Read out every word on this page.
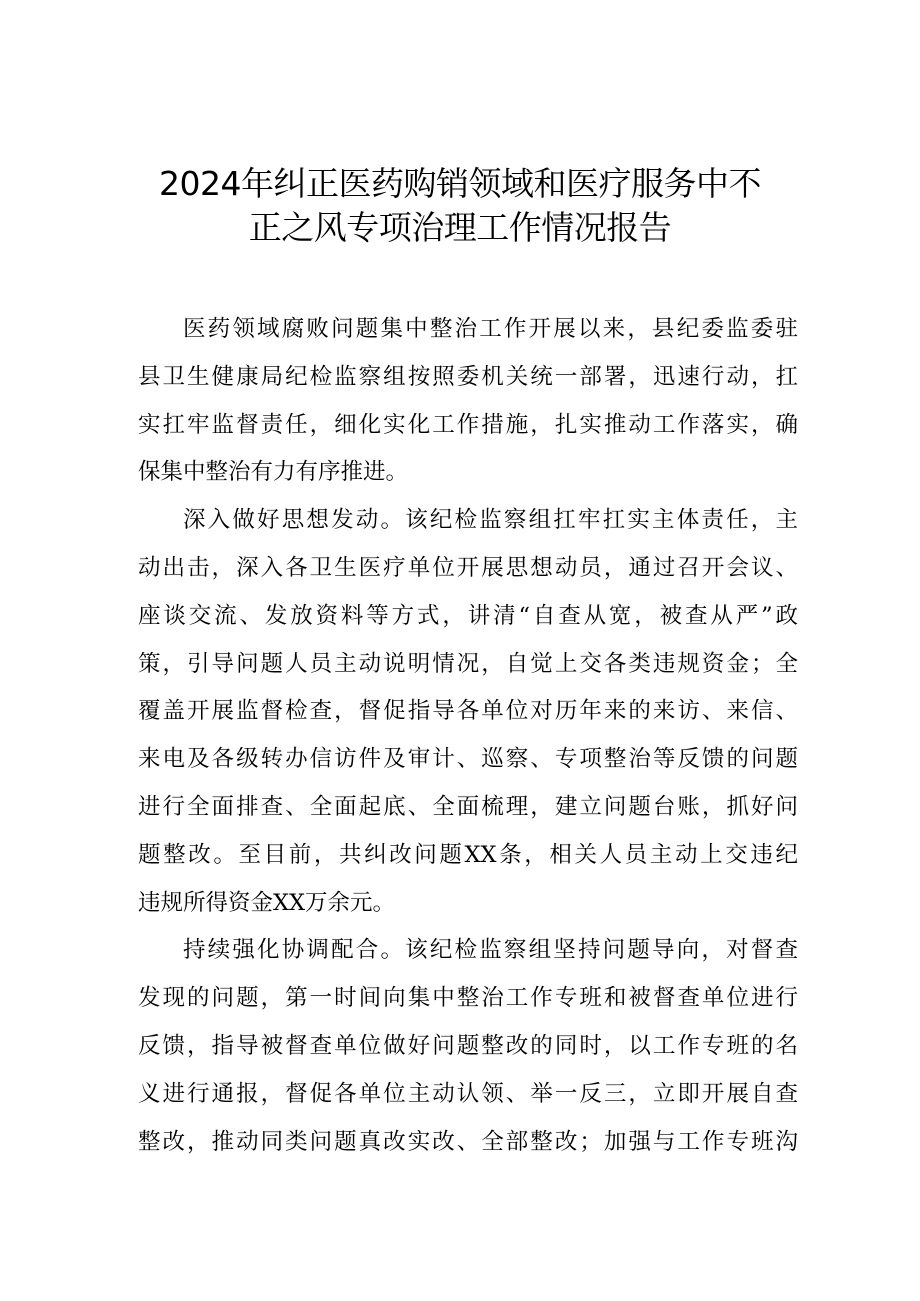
2024年纠正医药购销领域和医疗服务中不
正之风专项治理工作情况报告
医药领域腐败问题集中整治工作开展以来，县纪委监委驻
县卫生健康局纪检监察组按照委机关统一部署，迅速行动，扛
实扛牢监督责任，细化实化工作措施，扎实推动工作落实，确
保集中整治有力有序推进。
深入做好思想发动。该纪检监察组扛牢扛实主体责任，主
动出击，深入各卫生医疗单位开展思想动员，通过召开会议、
座谈交流、发放资料等方式，讲清“自查从宽，被查从严”政
策，引导问题人员主动说明情况，自觉上交各类违规资金；全
覆盖开展监督检查，督促指导各单位对历年来的来访、来信、
来电及各级转办信访件及审计、巡察、专项整治等反馈的问题
进行全面排查、全面起底、全面梳理，建立问题台账，抓好问
题整改。至目前，共纠改问题XX条，相关人员主动上交违纪
违规所得资金XX万余元。
持续强化协调配合。该纪检监察组坚持问题导向，对督查
发现的问题，第一时间向集中整治工作专班和被督查单位进行
反馈，指导被督查单位做好问题整改的同时，以工作专班的名
义进行通报，督促各单位主动认领、举一反三，立即开展自查
整改，推动同类问题真改实改、全部整改；加强与工作专班沟
